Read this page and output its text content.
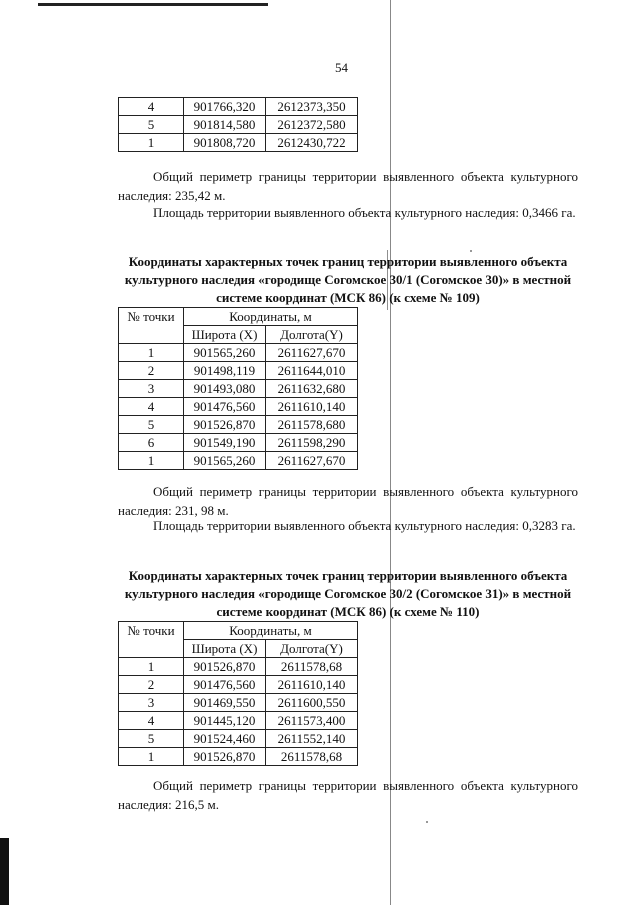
54
4	901766,320	2612373,350
5	901814,580	2612372,580
1	901808,720	2612430,722
Общий периметр границы территории выявленного объекта культурного наследия: 235,42 м.
Площадь территории выявленного объекта культурного наследия: 0,3466 га.
Координаты характерных точек границ территории выявленного объекта культурного наследия «городище Согомское 30/1 (Согомское 30)» в местной системе координат (МСК 86) (к схеме № 109)
№ точки	Координаты, м	
	Широта (X)	Долгота(Y)
1	901565,260	2611627,670
2	901498,119	2611644,010
3	901493,080	2611632,680
4	901476,560	2611610,140
5	901526,870	2611578,680
6	901549,190	2611598,290
1	901565,260	2611627,670
Общий периметр границы территории выявленного объекта культурного наследия: 231, 98 м.
Площадь территории выявленного объекта культурного наследия: 0,3283 га.
Координаты характерных точек границ территории выявленного объекта культурного наследия «городище Согомское 30/2 (Согомское 31)» в местной системе координат (МСК 86) (к схеме № 110)
№ точки	Координаты, м	
	Широта (X)	Долгота(Y)
1	901526,870	2611578,68
2	901476,560	2611610,140
3	901469,550	2611600,550
4	901445,120	2611573,400
5	901524,460	2611552,140
1	901526,870	2611578,68
Общий периметр границы территории выявленного объекта культурного наследия: 216,5 м.
